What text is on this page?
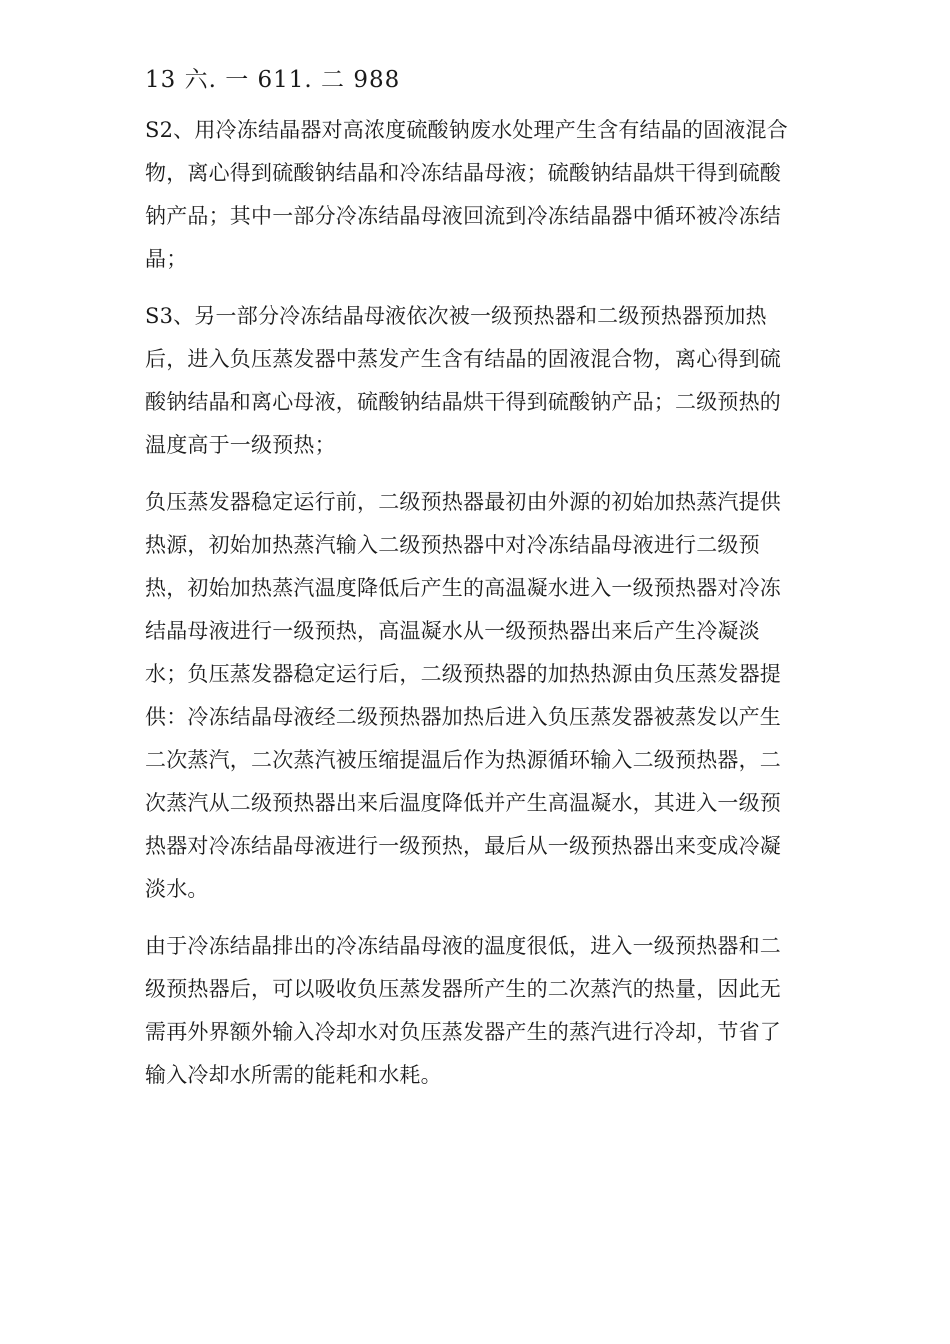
13 六. 一 611. 二 988
S2、用冷冻结晶器对高浓度硫酸钠废水处理产生含有结晶的固液混合
物，离心得到硫酸钠结晶和冷冻结晶母液；硫酸钠结晶烘干得到硫酸
钠产品；其中一部分冷冻结晶母液回流到冷冻结晶器中循环被冷冻结
晶；
S3、另一部分冷冻结晶母液依次被一级预热器和二级预热器预加热
后，进入负压蒸发器中蒸发产生含有结晶的固液混合物，离心得到硫
酸钠结晶和离心母液，硫酸钠结晶烘干得到硫酸钠产品；二级预热的
温度高于一级预热；
负压蒸发器稳定运行前，二级预热器最初由外源的初始加热蒸汽提供
热源，初始加热蒸汽输入二级预热器中对冷冻结晶母液进行二级预
热，初始加热蒸汽温度降低后产生的高温凝水进入一级预热器对冷冻
结晶母液进行一级预热，高温凝水从一级预热器出来后产生冷凝淡
水；负压蒸发器稳定运行后，二级预热器的加热热源由负压蒸发器提
供：冷冻结晶母液经二级预热器加热后进入负压蒸发器被蒸发以产生
二次蒸汽，二次蒸汽被压缩提温后作为热源循环输入二级预热器，二
次蒸汽从二级预热器出来后温度降低并产生高温凝水，其进入一级预
热器对冷冻结晶母液进行一级预热，最后从一级预热器出来变成冷凝
淡水。
由于冷冻结晶排出的冷冻结晶母液的温度很低，进入一级预热器和二
级预热器后，可以吸收负压蒸发器所产生的二次蒸汽的热量，因此无
需再外界额外输入冷却水对负压蒸发器产生的蒸汽进行冷却，节省了
输入冷却水所需的能耗和水耗。
